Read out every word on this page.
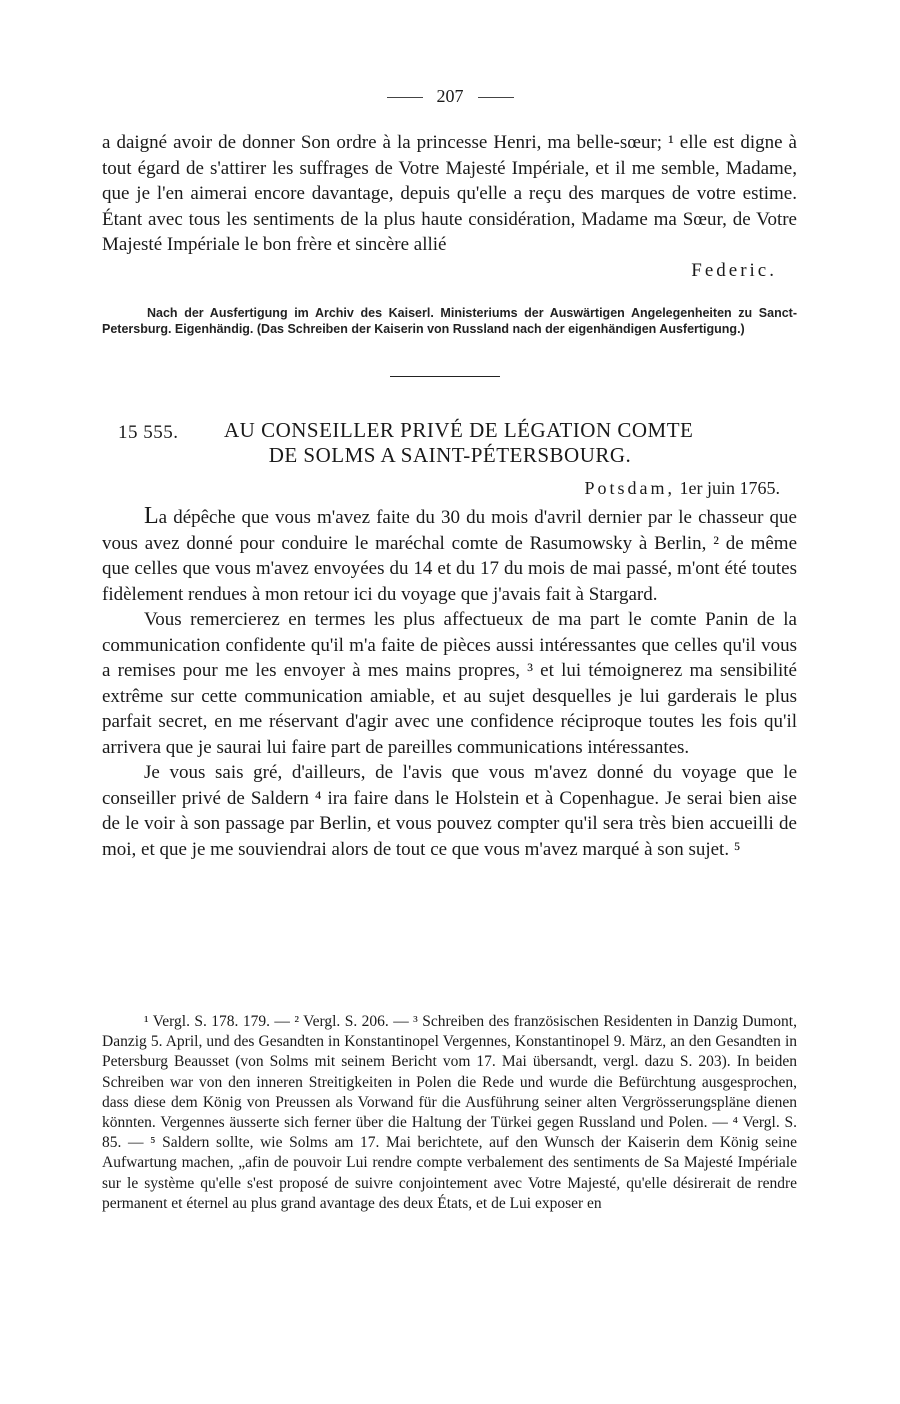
207

a daigné avoir de donner Son ordre à la princesse Henri, ma belle-sœur; ¹ elle est digne à tout égard de s'attirer les suffrages de Votre Majesté Impériale, et il me semble, Madame, que je l'en aimerai encore davantage, depuis qu'elle a reçu des marques de votre estime. Étant avec tous les sentiments de la plus haute considération, Madame ma Sœur, de Votre Majesté Impériale le bon frère et sincère allié

Federic.

Nach der Ausfertigung im Archiv des Kaiserl. Ministeriums der Auswärtigen Angelegenheiten zu Sanct-Petersburg. Eigenhändig. (Das Schreiben der Kaiserin von Russland nach der eigenhändigen Ausfertigung.)

15 555.	AU CONSEILLER PRIVÉ DE LÉGATION COMTE
DE SOLMS A SAINT-PÉTERSBOURG.
Potsdam, 1er juin 1765.

La dépêche que vous m'avez faite du 30 du mois d'avril dernier par le chasseur que vous avez donné pour conduire le maréchal comte de Rasumowsky à Berlin, ² de même que celles que vous m'avez envoyées du 14 et du 17 du mois de mai passé, m'ont été toutes fidèlement rendues à mon retour ici du voyage que j'avais fait à Stargard.

Vous remercierez en termes les plus affectueux de ma part le comte Panin de la communication confidente qu'il m'a faite de pièces aussi intéressantes que celles qu'il vous a remises pour me les envoyer à mes mains propres, ³ et lui témoignerez ma sensibilité extrême sur cette communication amiable, et au sujet desquelles je lui garderais le plus parfait secret, en me réservant d'agir avec une confidence réciproque toutes les fois qu'il arrivera que je saurai lui faire part de pareilles communications intéressantes.

Je vous sais gré, d'ailleurs, de l'avis que vous m'avez donné du voyage que le conseiller privé de Saldern ⁴ ira faire dans le Holstein et à Copenhague. Je serai bien aise de le voir à son passage par Berlin, et vous pouvez compter qu'il sera très bien accueilli de moi, et que je me souviendrai alors de tout ce que vous m'avez marqué à son sujet. ⁵

¹ Vergl. S. 178. 179. — ² Vergl. S. 206. — ³ Schreiben des französischen Residenten in Danzig Dumont, Danzig 5. April, und des Gesandten in Konstantinopel Vergennes, Konstantinopel 9. März, an den Gesandten in Petersburg Beausset (von Solms mit seinem Bericht vom 17. Mai übersandt, vergl. dazu S. 203). In beiden Schreiben war von den inneren Streitigkeiten in Polen die Rede und wurde die Befürchtung ausgesprochen, dass diese dem König von Preussen als Vorwand für die Ausführung seiner alten Vergrösserungspläne dienen könnten. Vergennes äusserte sich ferner über die Haltung der Türkei gegen Russland und Polen. — ⁴ Vergl. S. 85. — ⁵ Saldern sollte, wie Solms am 17. Mai berichtete, auf den Wunsch der Kaiserin dem König seine Aufwartung machen, „afin de pouvoir Lui rendre compte verbalement des sentiments de Sa Majesté Impériale sur le système qu'elle s'est proposé de suivre conjointement avec Votre Majesté, qu'elle désirerait de rendre permanent et éternel au plus grand avantage des deux États, et de Lui exposer en
